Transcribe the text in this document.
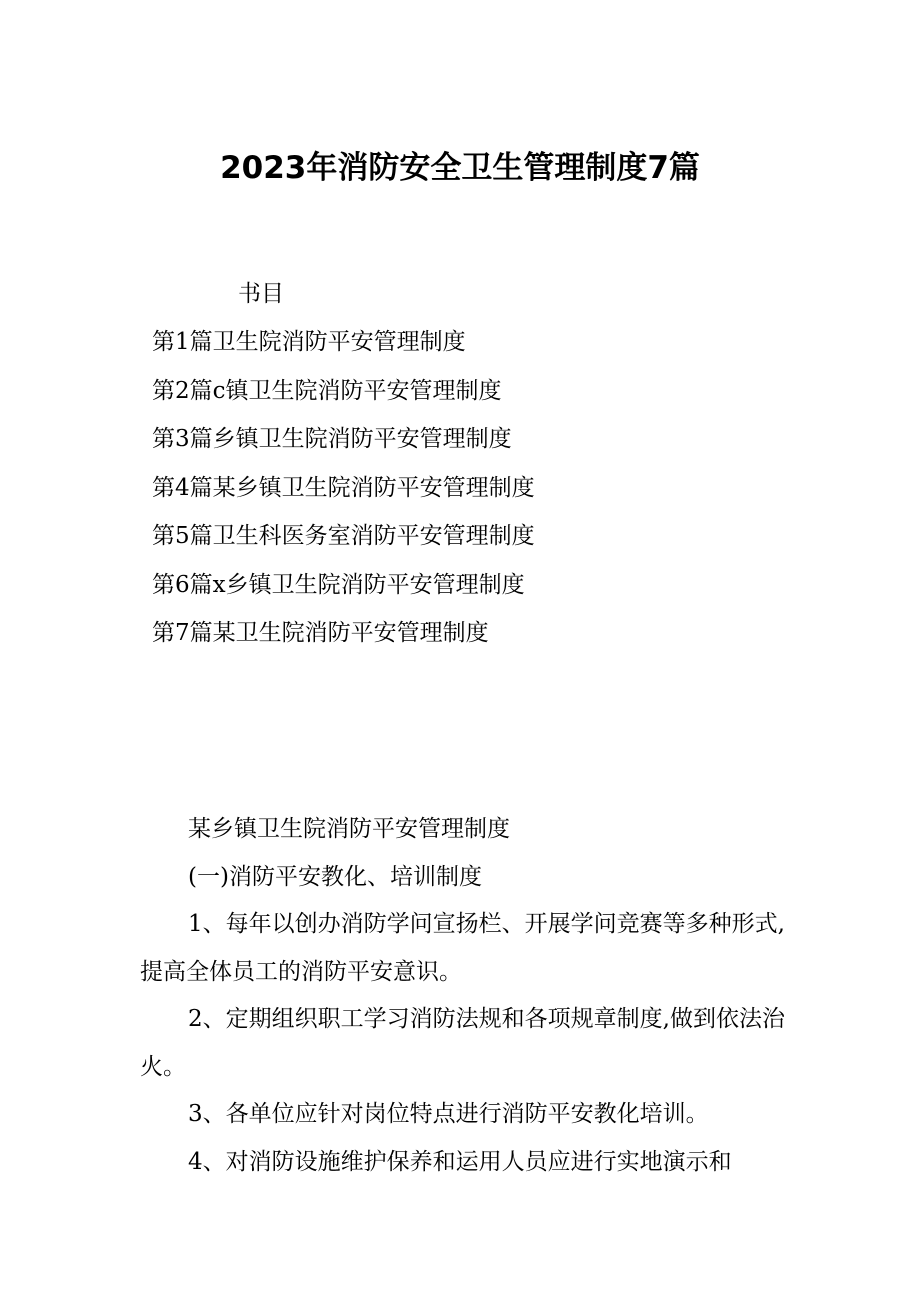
2023年消防安全卫生管理制度7篇
书目
第1篇卫生院消防平安管理制度
第2篇c镇卫生院消防平安管理制度
第3篇乡镇卫生院消防平安管理制度
第4篇某乡镇卫生院消防平安管理制度
第5篇卫生科医务室消防平安管理制度
第6篇x乡镇卫生院消防平安管理制度
第7篇某卫生院消防平安管理制度

某乡镇卫生院消防平安管理制度

(一)消防平安教化、培训制度

1、每年以创办消防学问宣扬栏、开展学问竞赛等多种形式,提高全体员工的消防平安意识。

2、定期组织职工学习消防法规和各项规章制度,做到依法治火。

3、各单位应针对岗位特点进行消防平安教化培训。

4、对消防设施维护保养和运用人员应进行实地演示和
